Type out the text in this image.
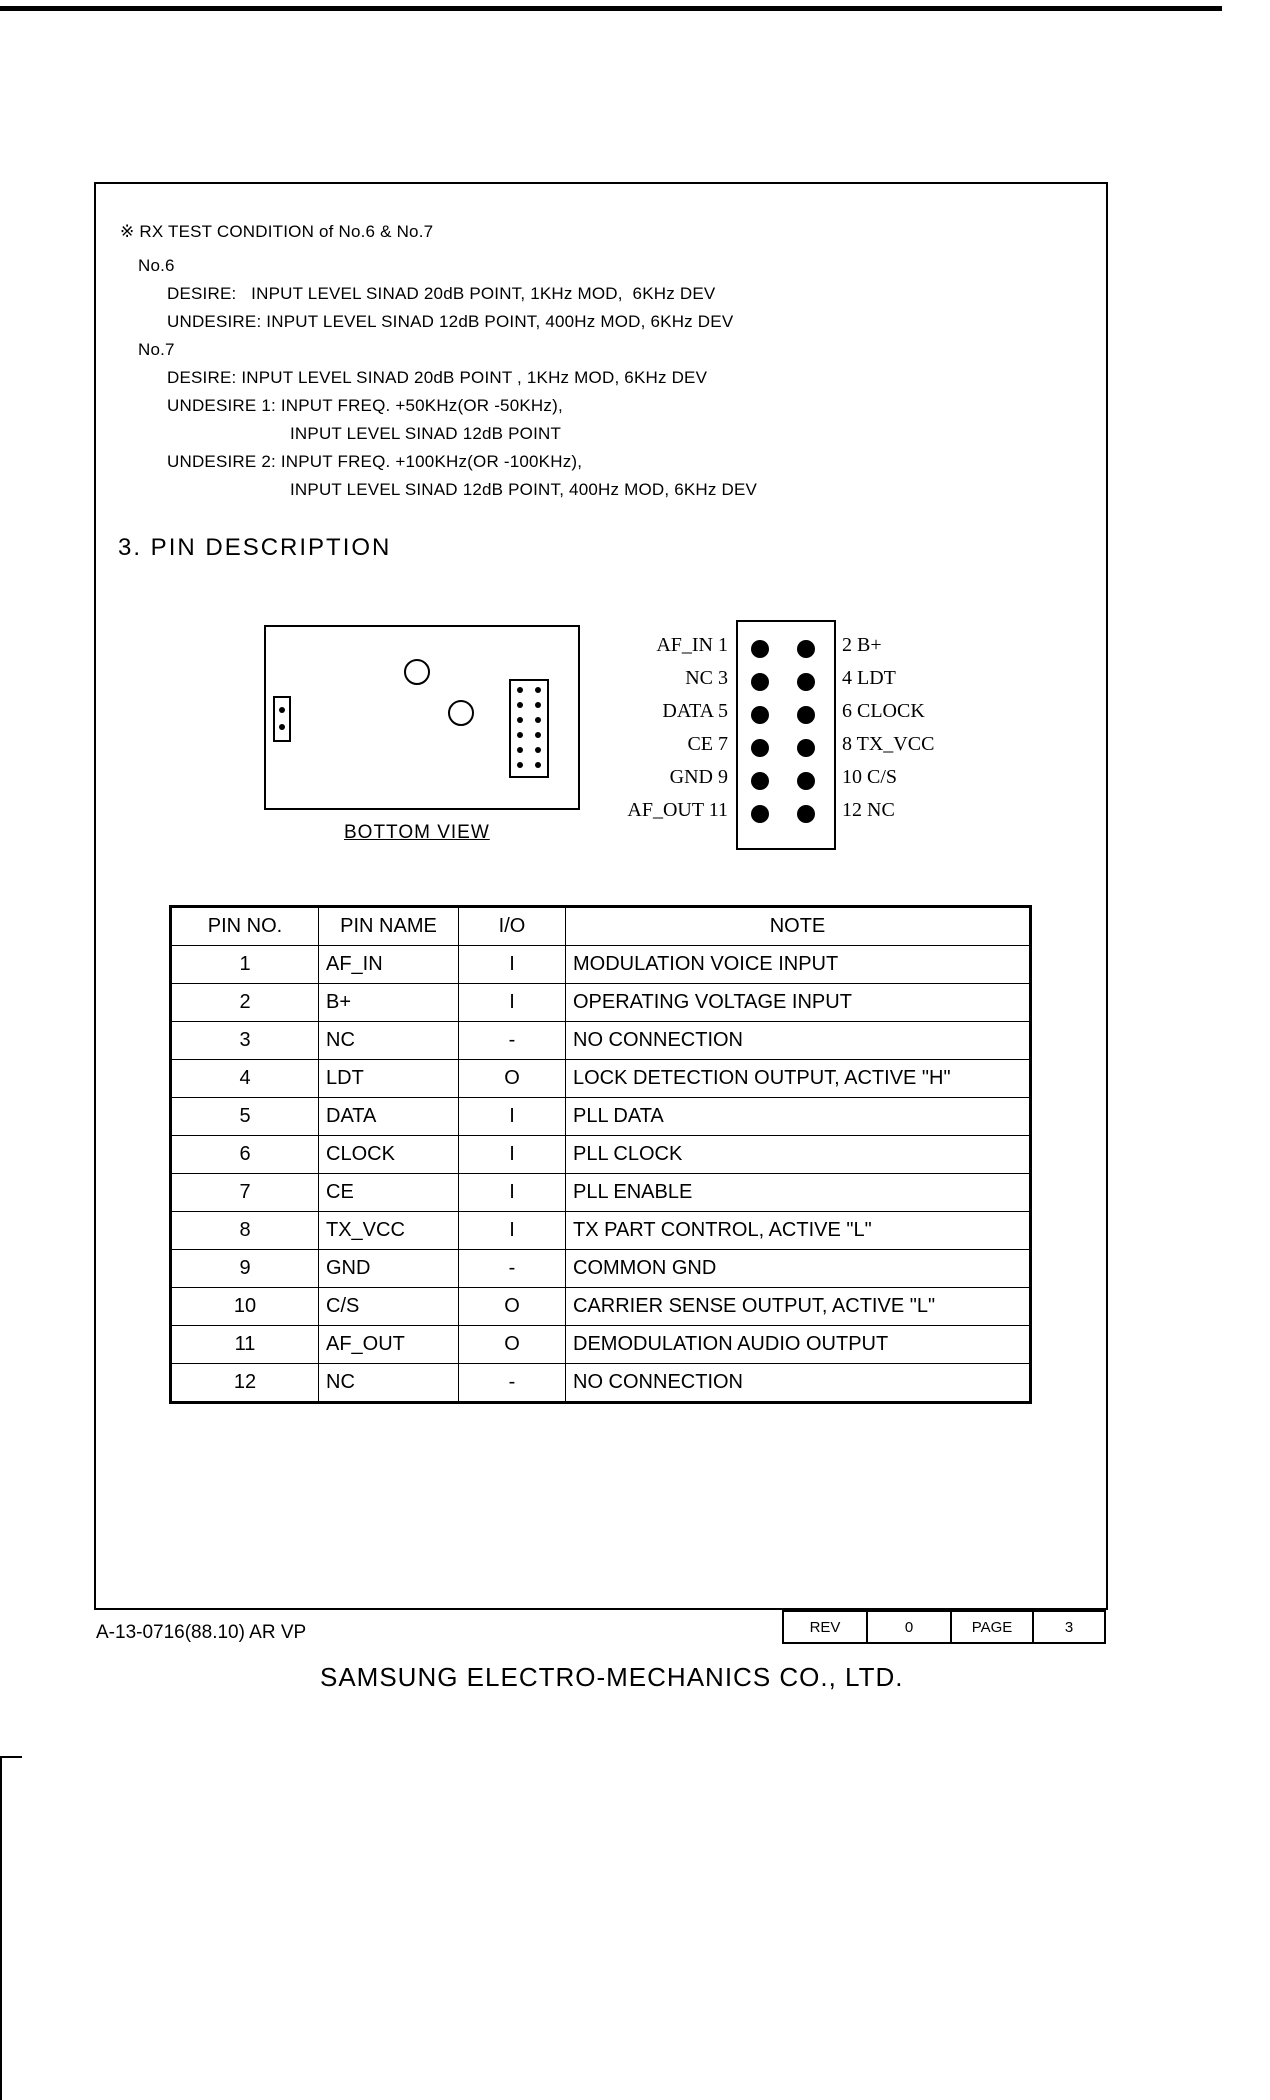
※ RX TEST CONDITION of No.6 & No.7
No.6
DESIRE:   INPUT LEVEL SINAD 20dB POINT, 1KHz MOD,  6KHz DEV
UNDESIRE: INPUT LEVEL SINAD 12dB POINT, 400Hz MOD, 6KHz DEV
No.7
DESIRE: INPUT LEVEL SINAD 20dB POINT , 1KHz MOD, 6KHz DEV
UNDESIRE 1: INPUT FREQ. +50KHz(OR -50KHz),
INPUT LEVEL SINAD 12dB POINT
UNDESIRE 2: INPUT FREQ. +100KHz(OR -100KHz),
INPUT LEVEL SINAD 12dB POINT, 400Hz MOD, 6KHz DEV
3. PIN DESCRIPTION
BOTTOM VIEW
AF_IN 1	2 B+
NC 3	4 LDT
DATA 5	6 CLOCK
CE 7	8 TX_VCC
GND 9	10 C/S
AF_OUT 11	12 NC
PIN NO.	PIN NAME	I/O	NOTE
1	AF_IN	I	MODULATION VOICE INPUT
2	B+	I	OPERATING VOLTAGE INPUT
3	NC	-	NO CONNECTION
4	LDT	O	LOCK DETECTION OUTPUT, ACTIVE "H"
5	DATA	I	PLL DATA
6	CLOCK	I	PLL CLOCK
7	CE	I	PLL ENABLE
8	TX_VCC	I	TX PART CONTROL, ACTIVE "L"
9	GND	-	COMMON GND
10	C/S	O	CARRIER SENSE OUTPUT, ACTIVE "L"
11	AF_OUT	O	DEMODULATION AUDIO OUTPUT
12	NC	-	NO CONNECTION
A-13-0716(88.10) AR VP	REV	0	PAGE	3
SAMSUNG ELECTRO-MECHANICS CO., LTD.
